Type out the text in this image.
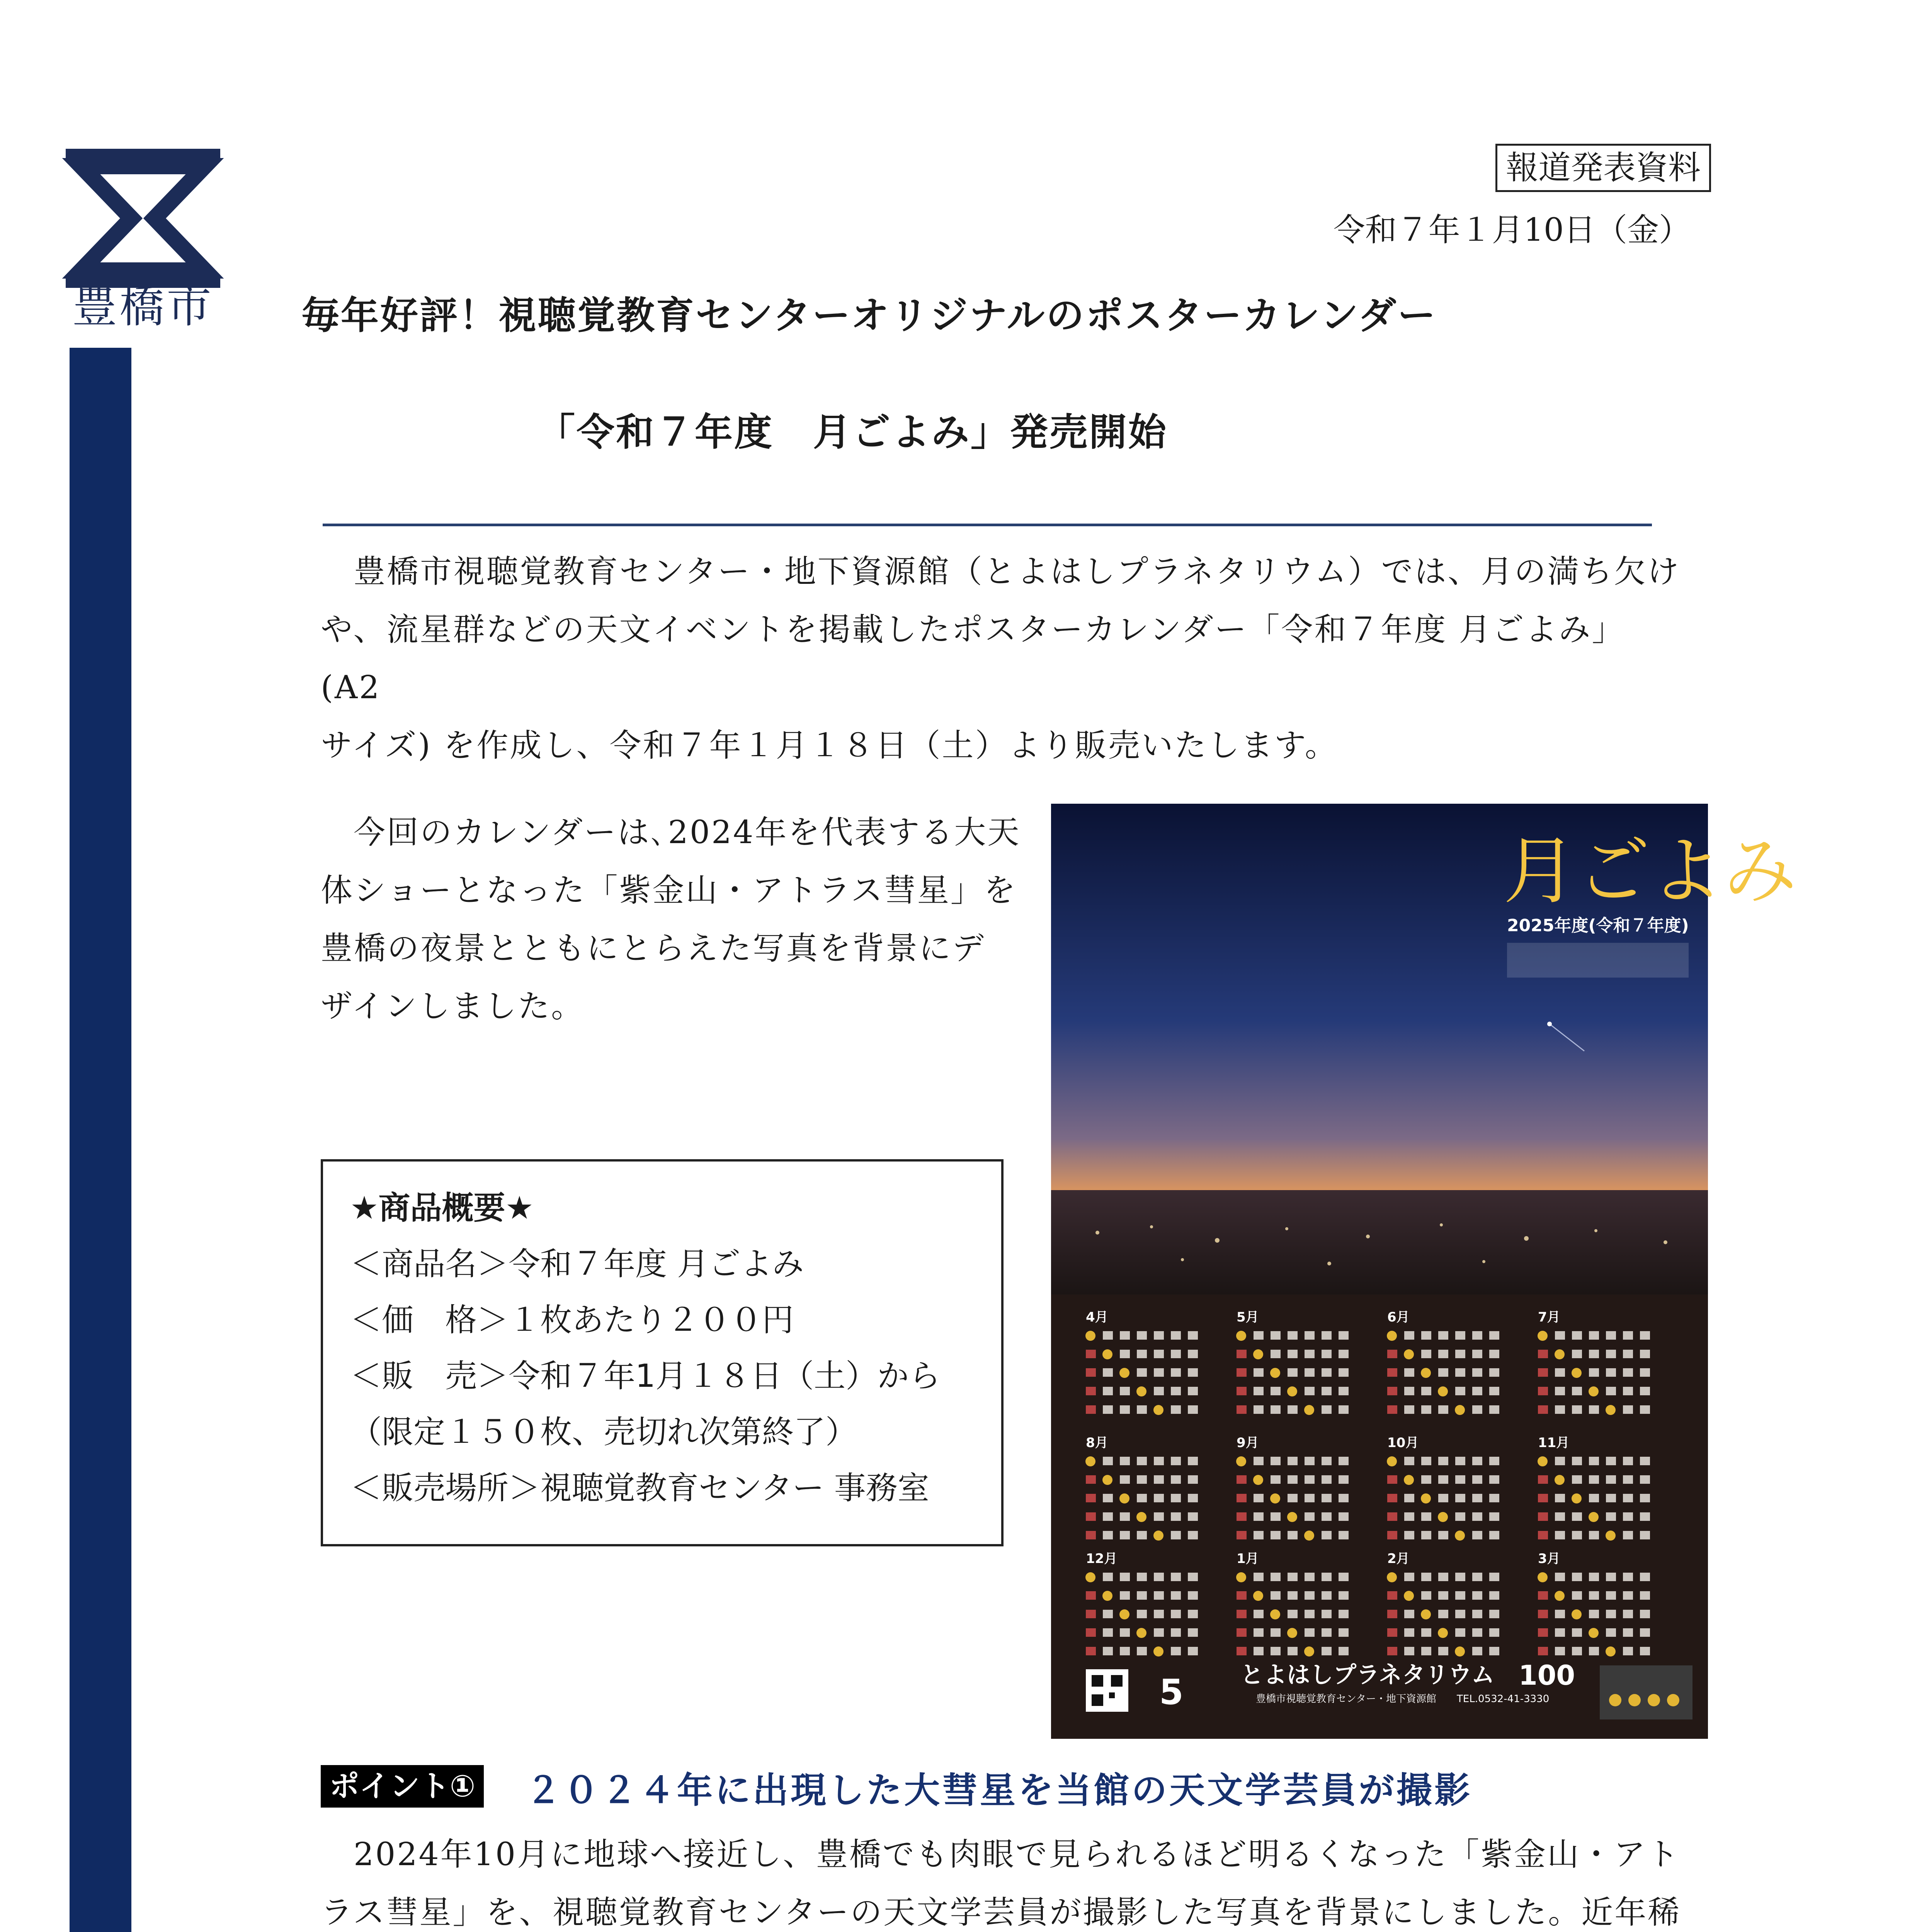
豊橋市
報道発表資料
令和７年１月10日（金）
毎年好評！視聴覚教育センターオリジナルのポスターカレンダー
「令和７年度　月ごよみ」発売開始
豊橋市視聴覚教育センター・地下資源館（とよはしプラネタリウム）では、月の満ち欠け
や、流星群などの天文イベントを掲載したポスターカレンダー「令和７年度 月ごよみ」(A2
サイズ) を作成し、令和７年１月１８日（土）より販売いたします。
今回のカレンダーは､2024年を代表する大天
体ショーとなった「紫金山・アトラス彗星」を
豊橋の夜景とともにとらえた写真を背景にデ
ザインしました。
★商品概要★
＜商品名＞令和７年度 月ごよみ
＜価　格＞１枚あたり２００円
＜販　売＞令和７年1月１８日（土）から
（限定１５０枚、売切れ次第終了）
＜販売場所＞視聴覚教育センター 事務室
月ごよみ
2025年度(令和７年度)
4月	5月	6月	7月
8月	9月	10月	11月
12月	1月	2月	3月
5 とよはしプラネタリウム
豊橋市視聴覚教育センター・地下資源館 TEL.0532-41-3330
100
ポイント① ２０２４年に出現した大彗星を当館の天文学芸員が撮影
2024年10月に地球へ接近し、豊橋でも肉眼で見られるほど明るくなった「紫金山・アト
ラス彗星」を、視聴覚教育センターの天文学芸員が撮影した写真を背景にしました。近年稀
